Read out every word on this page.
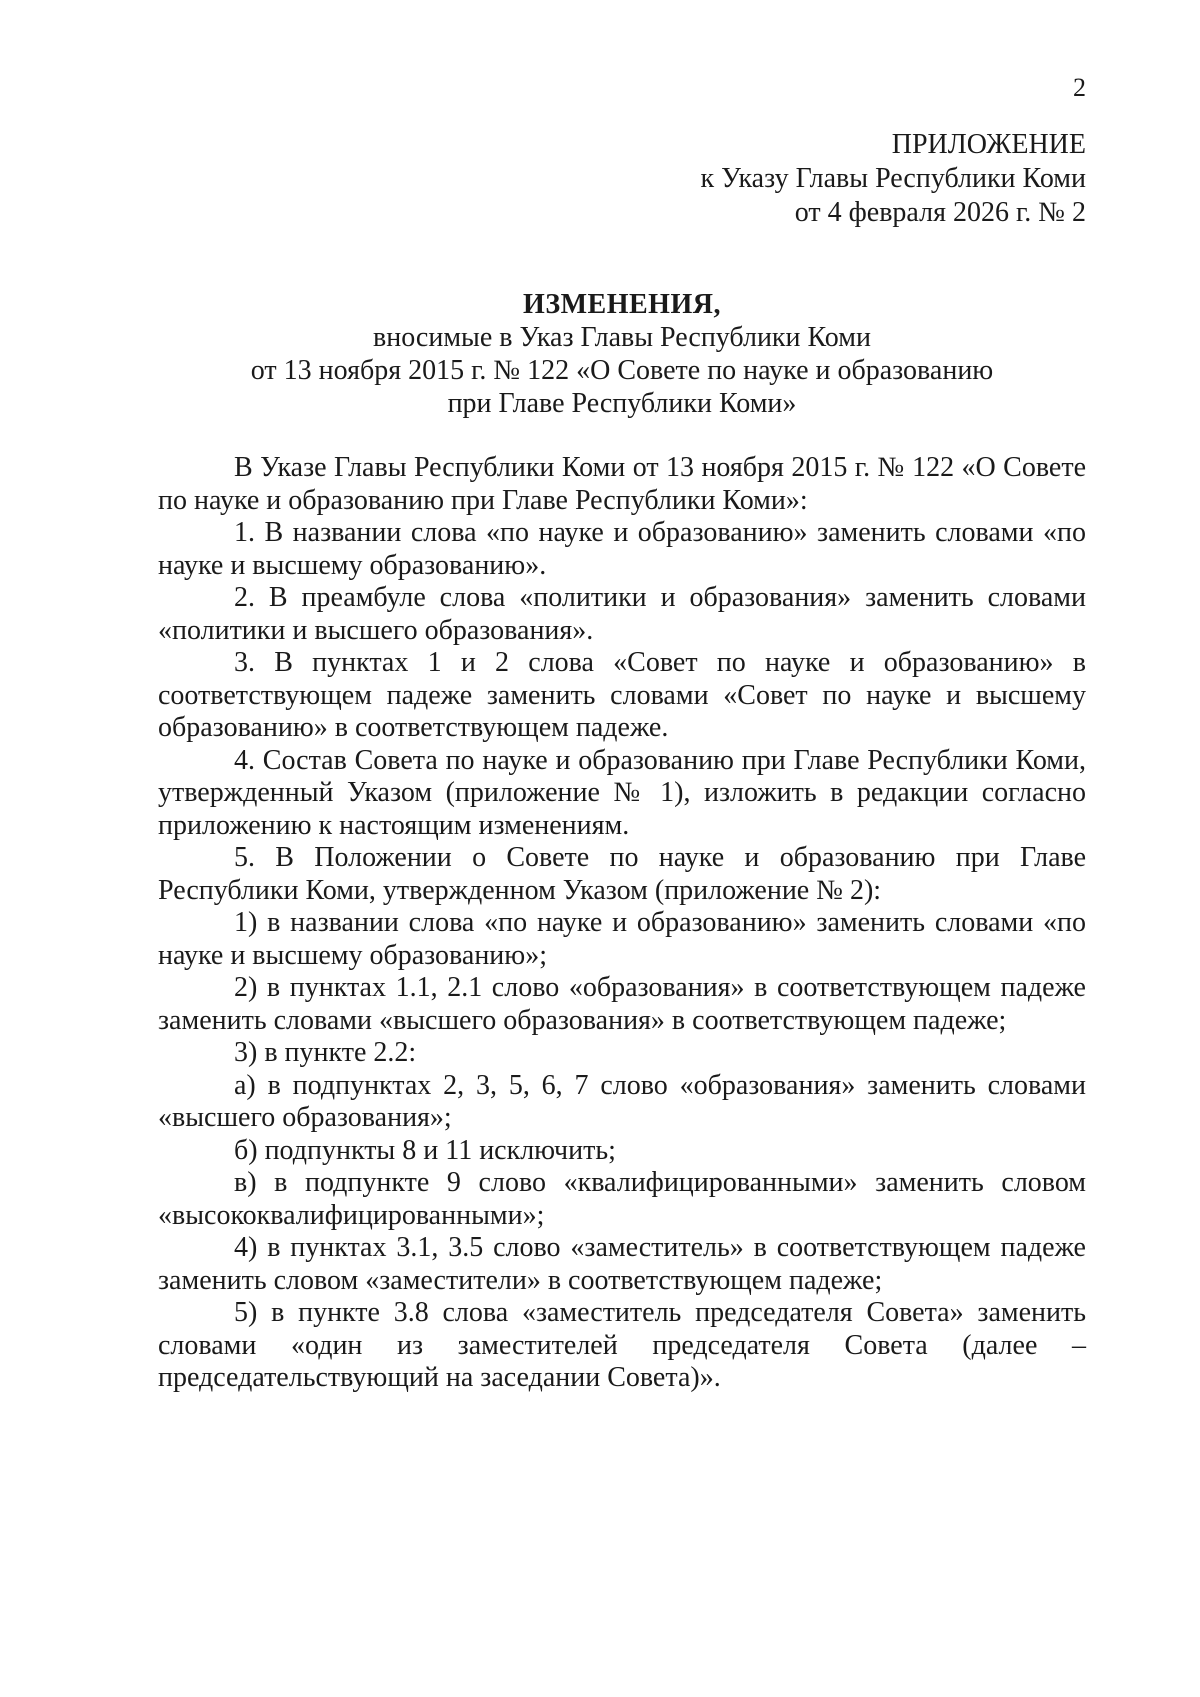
2
ПРИЛОЖЕНИЕ
к Указу Главы Республики Коми
от 4 февраля 2026 г. № 2
ИЗМЕНЕНИЯ,
вносимые в Указ Главы Республики Коми
от 13 ноября 2015 г. № 122 «О Совете по науке и образованию
при Главе Республики Коми»

В Указе Главы Республики Коми от 13 ноября 2015 г. № 122 «О Совете по науке и образованию при Главе Республики Коми»:

1. В названии слова «по науке и образованию» заменить словами «по науке и высшему образованию».

2. В преамбуле слова «политики и образования» заменить словами «политики и высшего образования».

3. В пунктах 1 и 2 слова «Совет по науке и образованию» в соответствующем падеже заменить словами «Совет по науке и высшему образованию» в соответствующем падеже.

4. Состав Совета по науке и образованию при Главе Республики Коми, утвержденный Указом (приложение № 1), изложить в редакции согласно приложению к настоящим изменениям.

5. В Положении о Совете по науке и образованию при Главе Республики Коми, утвержденном Указом (приложение № 2):

1) в названии слова «по науке и образованию» заменить словами «по науке и высшему образованию»;

2) в пунктах 1.1, 2.1 слово «образования» в соответствующем падеже заменить словами «высшего образования» в соответствующем падеже;

3) в пункте 2.2:

а) в подпунктах 2, 3, 5, 6, 7 слово «образования» заменить словами «высшего образования»;

б) подпункты 8 и 11 исключить;

в) в подпункте 9 слово «квалифицированными» заменить словом «высококвалифицированными»;

4) в пунктах 3.1, 3.5 слово «заместитель» в соответствующем падеже заменить словом «заместители» в соответствующем падеже;

5) в пункте 3.8 слова «заместитель председателя Совета» заменить словами «один из заместителей председателя Совета (далее – председательствующий на заседании Совета)».
